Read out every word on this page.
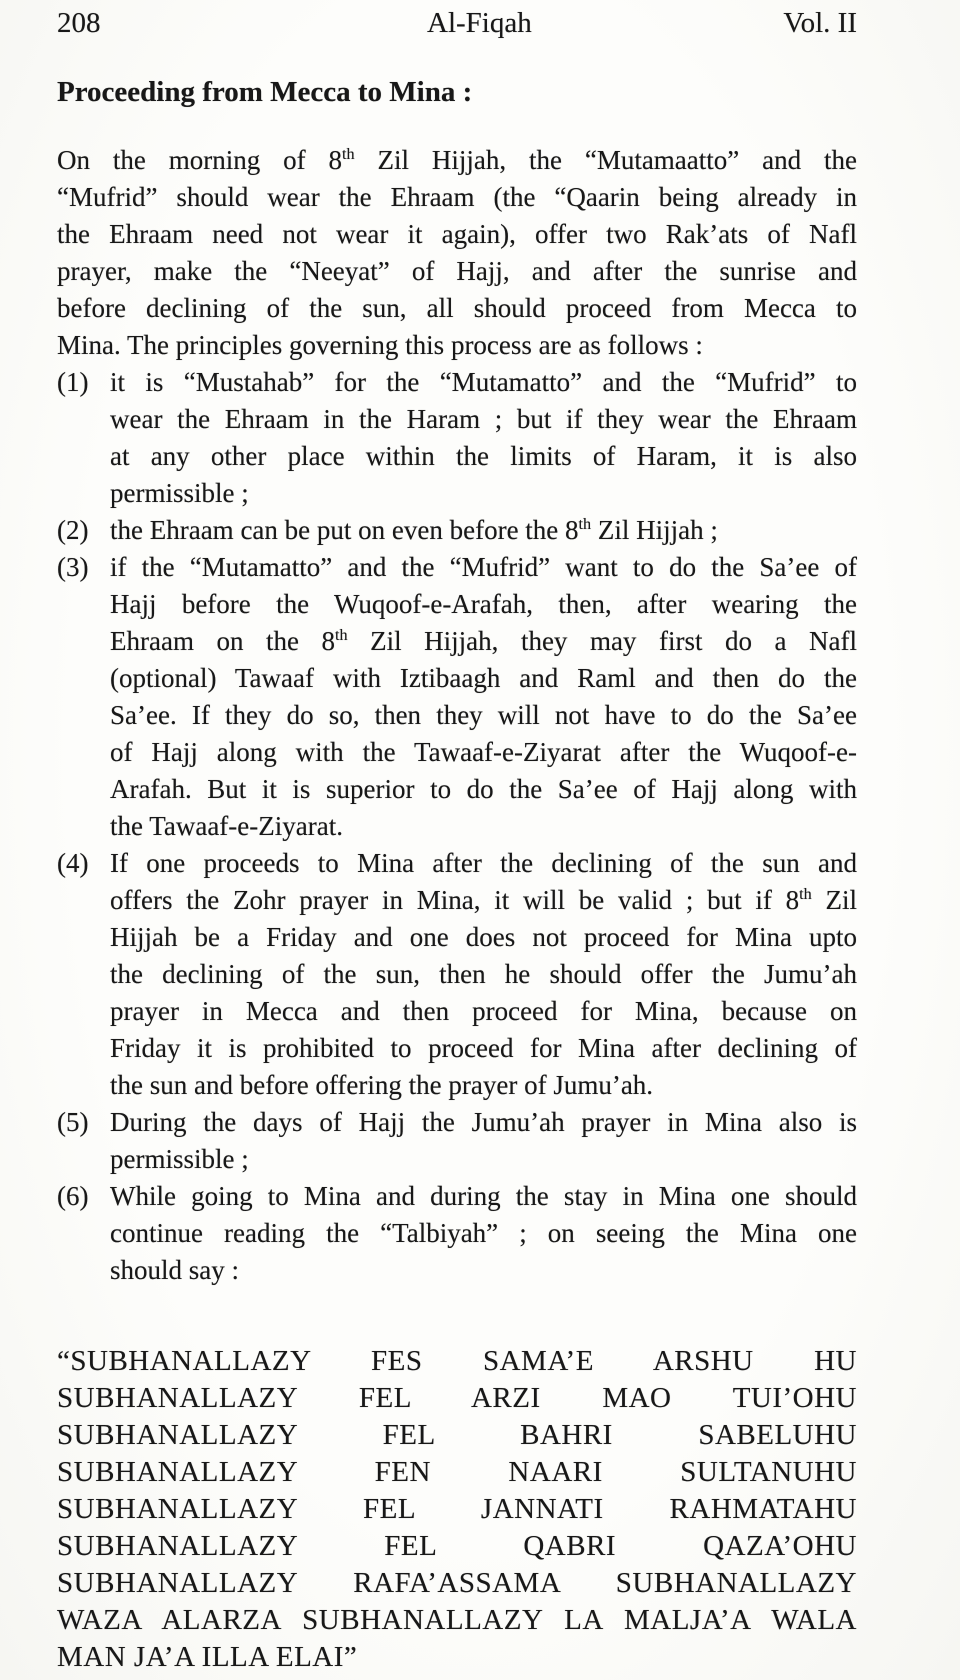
208	Al-Fiqah	Vol. II
Proceeding from Mecca to Mina :
On the morning of 8th Zil Hijjah, the “Mutamaatto” and the
“Mufrid” should wear the Ehraam (the “Qaarin being already in
the Ehraam need not wear it again), offer two Rak’ats of Nafl
prayer, make the “Neeyat” of Hajj, and after the sunrise and
before declining of the sun, all should proceed from Mecca to
Mina. The principles governing this process are as follows :
(1) it is “Mustahab” for the “Mutamatto” and the “Mufrid” to
wear the Ehraam in the Haram ; but if they wear the Ehraam
at any other place within the limits of Haram, it is also
permissible ;
(2) the Ehraam can be put on even before the 8th Zil Hijjah ;
(3) if the “Mutamatto” and the “Mufrid” want to do the Sa’ee of
Hajj before the Wuqoof-e-Arafah, then, after wearing the
Ehraam on the 8th Zil Hijjah, they may first do a Nafl
(optional) Tawaaf with Iztibaagh and Raml and then do the
Sa’ee. If they do so, then they will not have to do the Sa’ee
of Hajj along with the Tawaaf-e-Ziyarat after the Wuqoof-e-
Arafah. But it is superior to do the Sa’ee of Hajj along with
the Tawaaf-e-Ziyarat.
(4) If one proceeds to Mina after the declining of the sun and
offers the Zohr prayer in Mina, it will be valid ; but if 8th Zil
Hijjah be a Friday and one does not proceed for Mina upto
the declining of the sun, then he should offer the Jumu’ah
prayer in Mecca and then proceed for Mina, because on
Friday it is prohibited to proceed for Mina after declining of
the sun and before offering the prayer of Jumu’ah.
(5) During the days of Hajj the Jumu’ah prayer in Mina also is
permissible ;
(6) While going to Mina and during the stay in Mina one should
continue reading the “Talbiyah” ; on seeing the Mina one
should say :
“SUBHANALLAZY FES SAMA’E ARSHU HU
SUBHANALLAZY FEL ARZI MAO TUI’OHU
SUBHANALLAZY FEL BAHRI SABELUHU
SUBHANALLAZY FEN NAARI SULTANUHU
SUBHANALLAZY FEL JANNATI RAHMATAHU
SUBHANALLAZY FEL QABRI QAZA’OHU
SUBHANALLAZY RAFA’ASSAMA SUBHANALLAZY
WAZA ALARZA SUBHANALLAZY LA MALJA’A WALA
MAN JA’A ILLA ELAI”
